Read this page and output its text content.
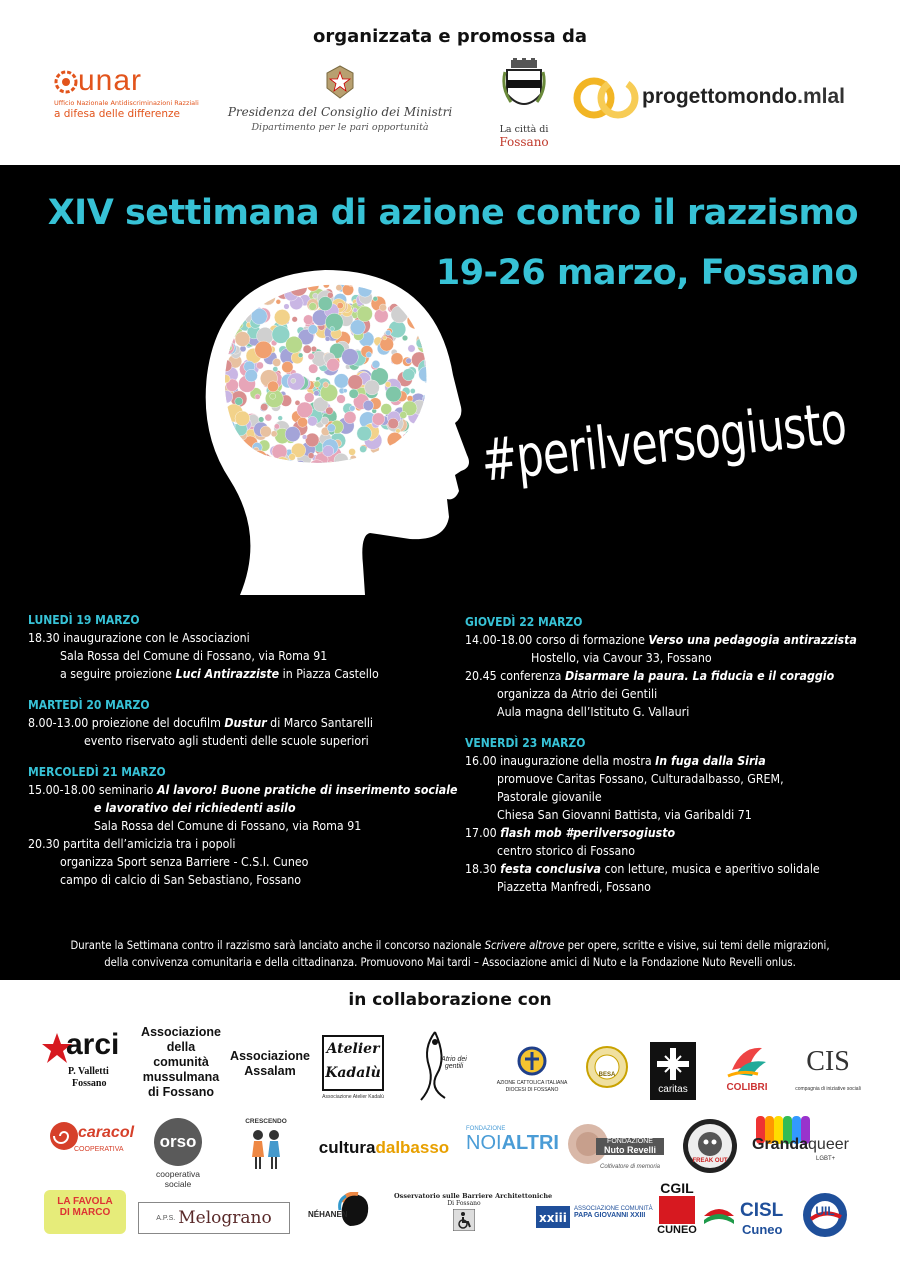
organizzata e promossa da
unar
Ufficio Nazionale Antidiscriminazioni Razziali
a difesa delle differenze	Presidenza del Consiglio dei Ministri
Dipartimento per le pari opportunità	La città di
Fossano
progettomondo.mlal
XIV settimana di azione contro il razzismo
19-26 marzo, Fossano
#perilversogiusto
LUNEDÌ 19 MARZO
18.30 inaugurazione con le Associazioni
Sala Rossa del Comune di Fossano, via Roma 91
a seguire proiezione Luci Antirazziste in Piazza Castello
MARTEDÌ 20 MARZO
8.00-13.00 proiezione del docufilm Dustur di Marco Santarelli
evento riservato agli studenti delle scuole superiori
MERCOLEDÌ 21 MARZO
15.00-18.00 seminario Al lavoro! Buone pratiche di inserimento sociale
e lavorativo dei richiedenti asilo
Sala Rossa del Comune di Fossano, via Roma 91
20.30 partita dell’amicizia tra i popoli
organizza Sport senza Barriere - C.S.I. Cuneo
campo di calcio di San Sebastiano, Fossano
GIOVEDÌ 22 MARZO
14.00-18.00 corso di formazione Verso una pedagogia antirazzista
Hostello, via Cavour 33, Fossano
20.45 conferenza Disarmare la paura. La fiducia e il coraggio
organizza da Atrio dei Gentili
Aula magna dell’Istituto G. Vallauri
VENERDÌ 23 MARZO
16.00 inaugurazione della mostra In fuga dalla Siria
promuove Caritas Fossano, Culturadalbasso, GREM,
Pastorale giovanile
Chiesa San Giovanni Battista, via Garibaldi 71
17.00 flash mob #perilversogiusto
centro storico di Fossano
18.30 festa conclusiva con letture, musica e aperitivo solidale
Piazzetta Manfredi, Fossano
Durante la Settimana contro il razzismo sarà lanciato anche il concorso nazionale Scrivere altrove per opere, scritte e visive, sui temi delle migrazioni,
della convivenza comunitaria e della cittadinanza. Promuovono Mai tardi – Associazione amici di Nuto e la Fondazione Nuto Revelli onlus.
in collaborazione con
arci
P. Valletti
Fossano
Associazione della comunità mussulmana di Fossano
Associazione Assalam
Atelier Kadalù
Associazione Atelier Kadalù
Atrio dei gentili
AZIONE CATTOLICA ITALIANA DIOCESI DI FOSSANO
BESA
caritas	COLIBRI
CIS
compagnia di iniziative sociali
caracol
COOPERATIVA	orso
cooperativa sociale
CRESCENDO
cultura dalbasso
FONDAZIONE
NOIALTRI	FONDAZIONE
Nuto Revelli
Coltivatore di memoria
FREAK OUT
Grandaqueer
LGBT+
LA FAVOLA
DI MARCO	A.P.S. Melograno	NÉHANEN
Osservatorio sulle Barriere Architettoniche
Di Fossano
xxiii
ASSOCIAZIONE COMUNITÀ
PAPA GIOVANNI XXIII
CGIL
CUNEO
CISL
Cuneo
UIL
